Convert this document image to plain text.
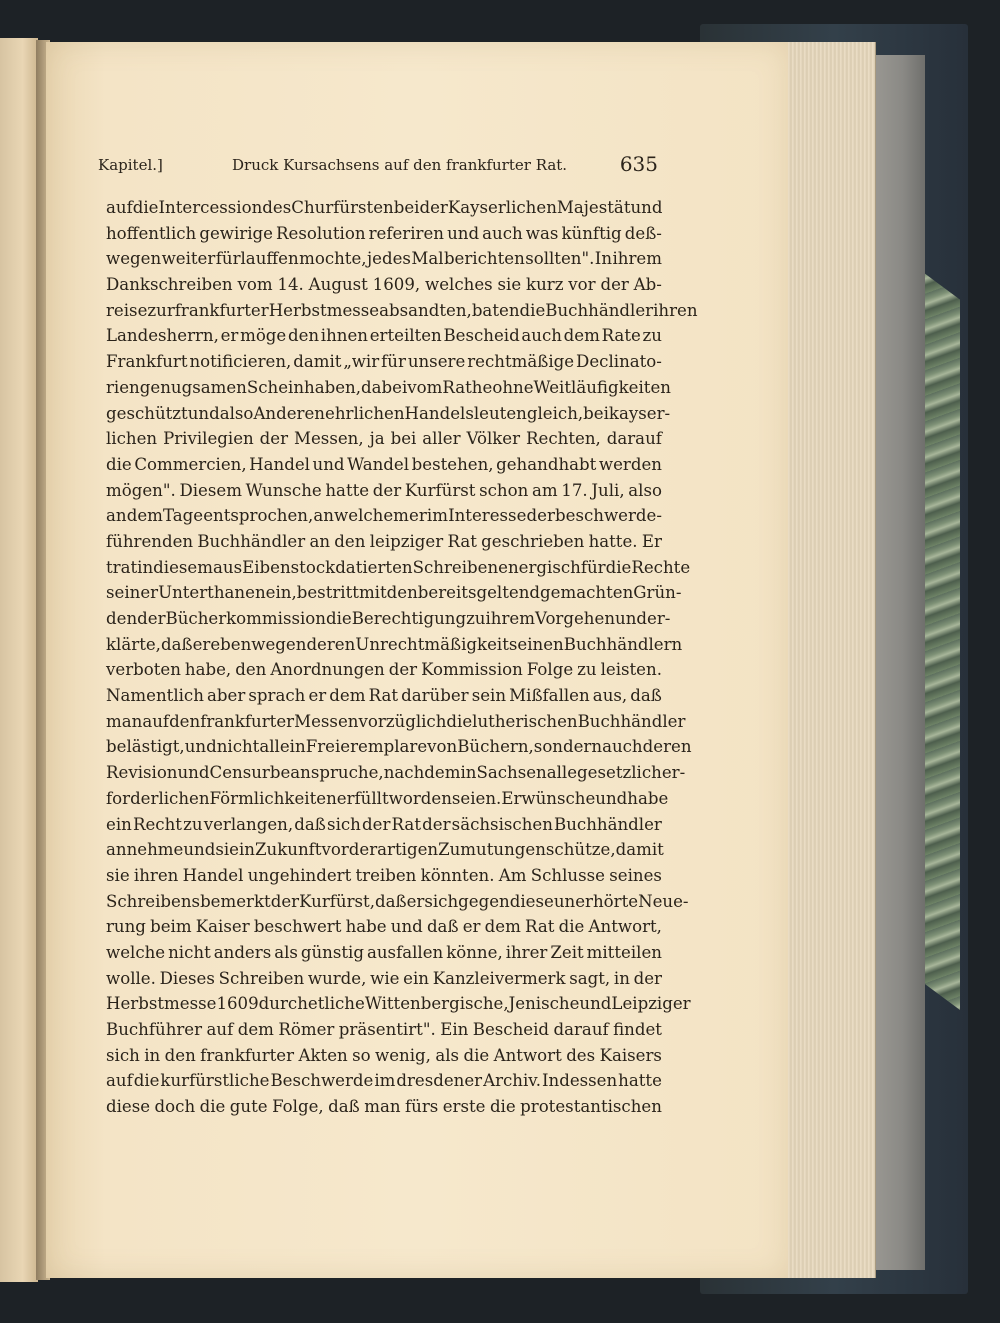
Kapitel.]	Druck Kursachsens auf den frankfurter Rat.	635
auf die Intercession des Churfürsten bei der Kayserlichen Majestät und
hoffentlich gewirige Resolution referiren und auch was künftig deß-
wegen weiter fürlauffen mochte, jedes Mal berichten sollten". In ihrem
Dankschreiben vom 14. August 1609, welches sie kurz vor der Ab-
reise zur frankfurter Herbstmesse absandten, baten die Buchhändler ihren
Landesherrn, er möge den ihnen erteilten Bescheid auch dem Rate zu
Frankfurt notificieren, damit „wir für unsere rechtmäßige Declinato-
rien genugsamen Schein haben, dabei vom Rathe ohne Weitläufigkeiten
geschützt und also Anderen ehrlichen Handelsleuten gleich, bei kayser-
lichen Privilegien der Messen, ja bei aller Völker Rechten, darauf
die Commercien, Handel und Wandel bestehen, gehandhabt werden
mögen". Diesem Wunsche hatte der Kurfürst schon am 17. Juli, also
an dem Tage entsprochen, an welchem er im Interesse der beschwerde-
führenden Buchhändler an den leipziger Rat geschrieben hatte. Er
trat in diesem aus Eibenstock datierten Schreiben energisch für die Rechte
seiner Unterthanen ein, bestritt mit den bereits geltend gemachten Grün-
den der Bücherkommission die Berechtigung zu ihrem Vorgehen und er-
klärte, daß er eben wegen deren Unrechtmäßigkeit seinen Buchhändlern
verboten habe, den Anordnungen der Kommission Folge zu leisten.
Namentlich aber sprach er dem Rat darüber sein Mißfallen aus, daß
man auf den frankfurter Messen vorzüglich die lutherischen Buchhändler
belästigt, und nicht allein Freieremplare von Büchern, sondern auch deren
Revision und Censur beanspruche, nachdem in Sachsen alle gesetzlich er-
forderlichen Förmlichkeiten erfüllt worden seien. Er wünsche und habe
ein Recht zu verlangen, daß sich der Rat der sächsischen Buchhändler
annehme und sie in Zukunft vor derartigen Zumutungen schütze, damit
sie ihren Handel ungehindert treiben könnten. Am Schlusse seines
Schreibens bemerkt der Kurfürst, daß er sich gegen diese unerhörte Neue-
rung beim Kaiser beschwert habe und daß er dem Rat die Antwort,
welche nicht anders als günstig ausfallen könne, ihrer Zeit mitteilen
wolle. Dieses Schreiben wurde, wie ein Kanzleivermerk sagt, in der
Herbstmesse 1609 durch etliche Wittenbergische, Jenische und Leipziger
Buchführer auf dem Römer präsentirt". Ein Bescheid darauf findet
sich in den frankfurter Akten so wenig, als die Antwort des Kaisers
auf die kurfürstliche Beschwerde im dresdener Archiv. Indessen hatte
diese doch die gute Folge, daß man fürs erste die protestantischen
